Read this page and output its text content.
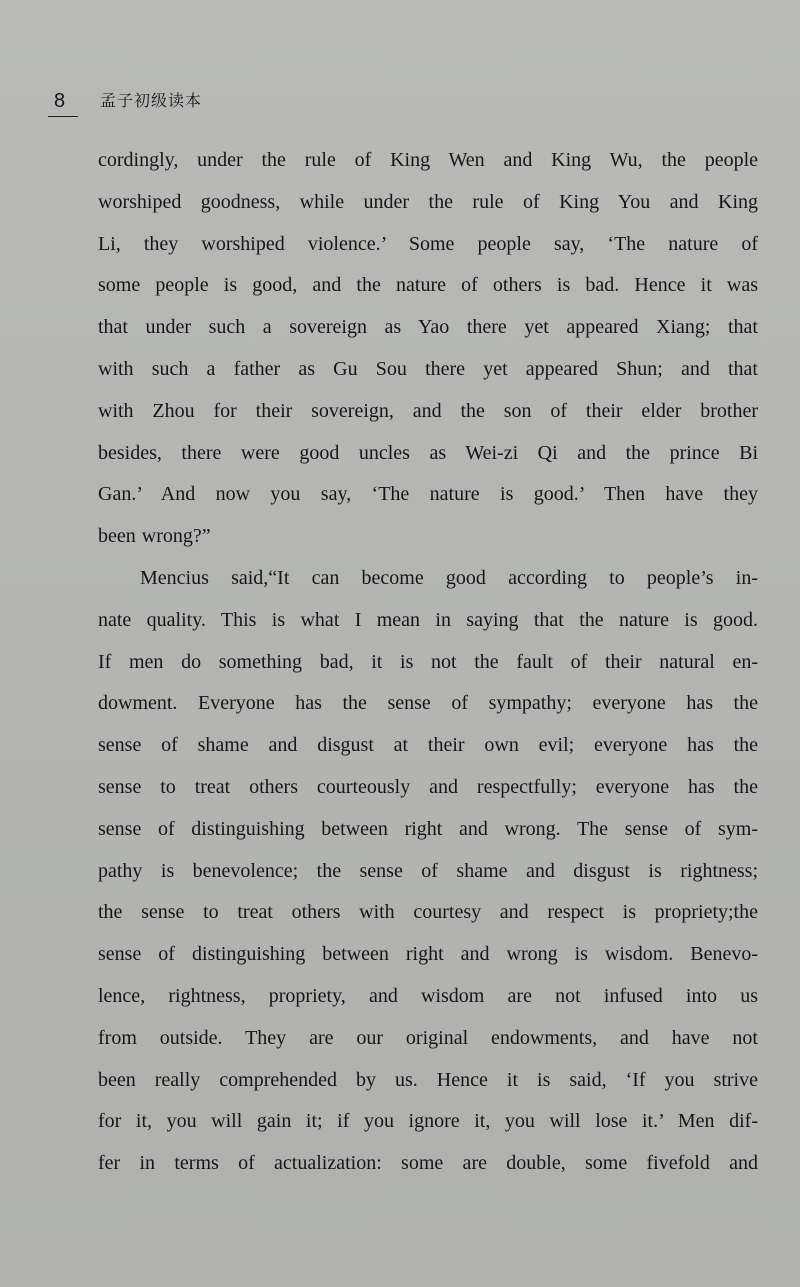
8 孟子初级读本
cordingly, under the rule of King Wen and King Wu, the people
worshiped goodness, while under the rule of King You and King
Li, they worshiped violence.’ Some people say, ‘The nature of
some people is good, and the nature of others is bad. Hence it was
that under such a sovereign as Yao there yet appeared Xiang; that
with such a father as Gu Sou there yet appeared Shun; and that
with Zhou for their sovereign, and the son of their elder brother
besides, there were good uncles as Wei-zi Qi and the prince Bi
Gan.’ And now you say, ‘The nature is good.’ Then have they
been wrong?”
Mencius said,“It can become good according to people’s in-
nate quality. This is what I mean in saying that the nature is good.
If men do something bad, it is not the fault of their natural en-
dowment. Everyone has the sense of sympathy; everyone has the
sense of shame and disgust at their own evil; everyone has the
sense to treat others courteously and respectfully; everyone has the
sense of distinguishing between right and wrong. The sense of sym-
pathy is benevolence; the sense of shame and disgust is rightness;
the sense to treat others with courtesy and respect is propriety;the
sense of distinguishing between right and wrong is wisdom. Benevo-
lence, rightness, propriety, and wisdom are not infused into us
from outside. They are our original endowments, and have not
been really comprehended by us. Hence it is said, ‘If you strive
for it, you will gain it; if you ignore it, you will lose it.’ Men dif-
fer in terms of actualization: some are double, some fivefold and
